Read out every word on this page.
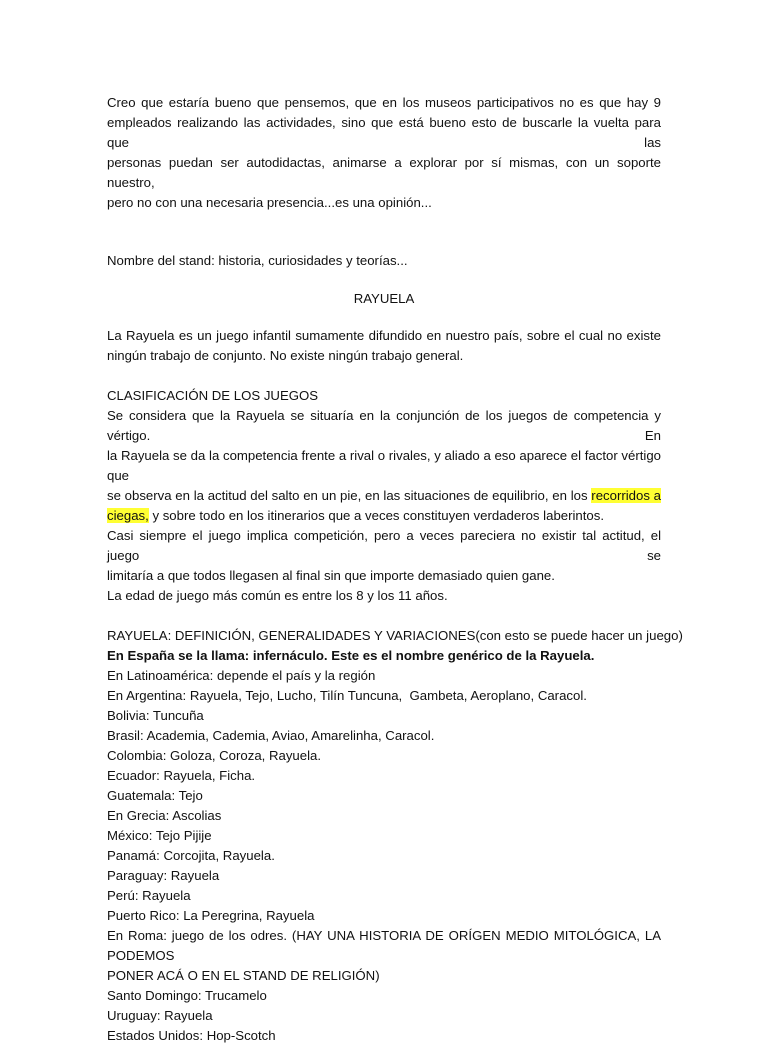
Creo que estaría bueno que pensemos, que en los museos participativos no es que hay 9
empleados realizando las actividades, sino que está bueno esto de buscarle la vuelta para que las
personas puedan ser autodidactas, animarse a explorar por sí mismas, con un soporte nuestro,
pero no con una necesaria presencia...es una opinión...
Nombre del stand: historia, curiosidades y teorías...
RAYUELA
La Rayuela es un juego infantil sumamente difundido en nuestro país, sobre el cual no existe
ningún trabajo de conjunto. No existe ningún trabajo general.
CLASIFICACIÓN DE LOS JUEGOS
Se considera que la Rayuela se situaría en la conjunción de los juegos de competencia y vértigo. En
la Rayuela se da la competencia frente a rival o rivales, y aliado a eso aparece el factor vértigo que
se observa en la actitud del salto en un pie, en las situaciones de equilibrio, en los recorridos a
ciegas, y sobre todo en los itinerarios que a veces constituyen verdaderos laberintos.
Casi siempre el juego implica competición, pero a veces pareciera no existir tal actitud, el juego se
limitaría a que todos llegasen al final sin que importe demasiado quien gane.
La edad de juego más común es entre los 8 y los 11 años.
RAYUELA: DEFINICIÓN, GENERALIDADES Y VARIACIONES(con esto se puede hacer un juego)
En España se la llama: infernáculo. Este es el nombre genérico de la Rayuela.
En Latinoamérica: depende el país y la región
En Argentina: Rayuela, Tejo, Lucho, Tilín Tuncuna,  Gambeta, Aeroplano, Caracol.
Bolivia: Tuncuña
Brasil: Academia, Cademia, Aviao, Amarelinha, Caracol.
Colombia: Goloza, Coroza, Rayuela.
Ecuador: Rayuela, Ficha.
Guatemala: Tejo
En Grecia: Ascolias
México: Tejo Pijije
Panamá: Corcojita, Rayuela.
Paraguay: Rayuela
Perú: Rayuela
Puerto Rico: La Peregrina, Rayuela
En Roma: juego de los odres. (HAY UNA HISTORIA DE ORÍGEN MEDIO MITOLÓGICA, LA PODEMOS
PONER ACÁ O EN EL STAND DE RELIGIÓN)
Santo Domingo: Trucamelo
Uruguay: Rayuela
Estados Unidos: Hop-Scotch
